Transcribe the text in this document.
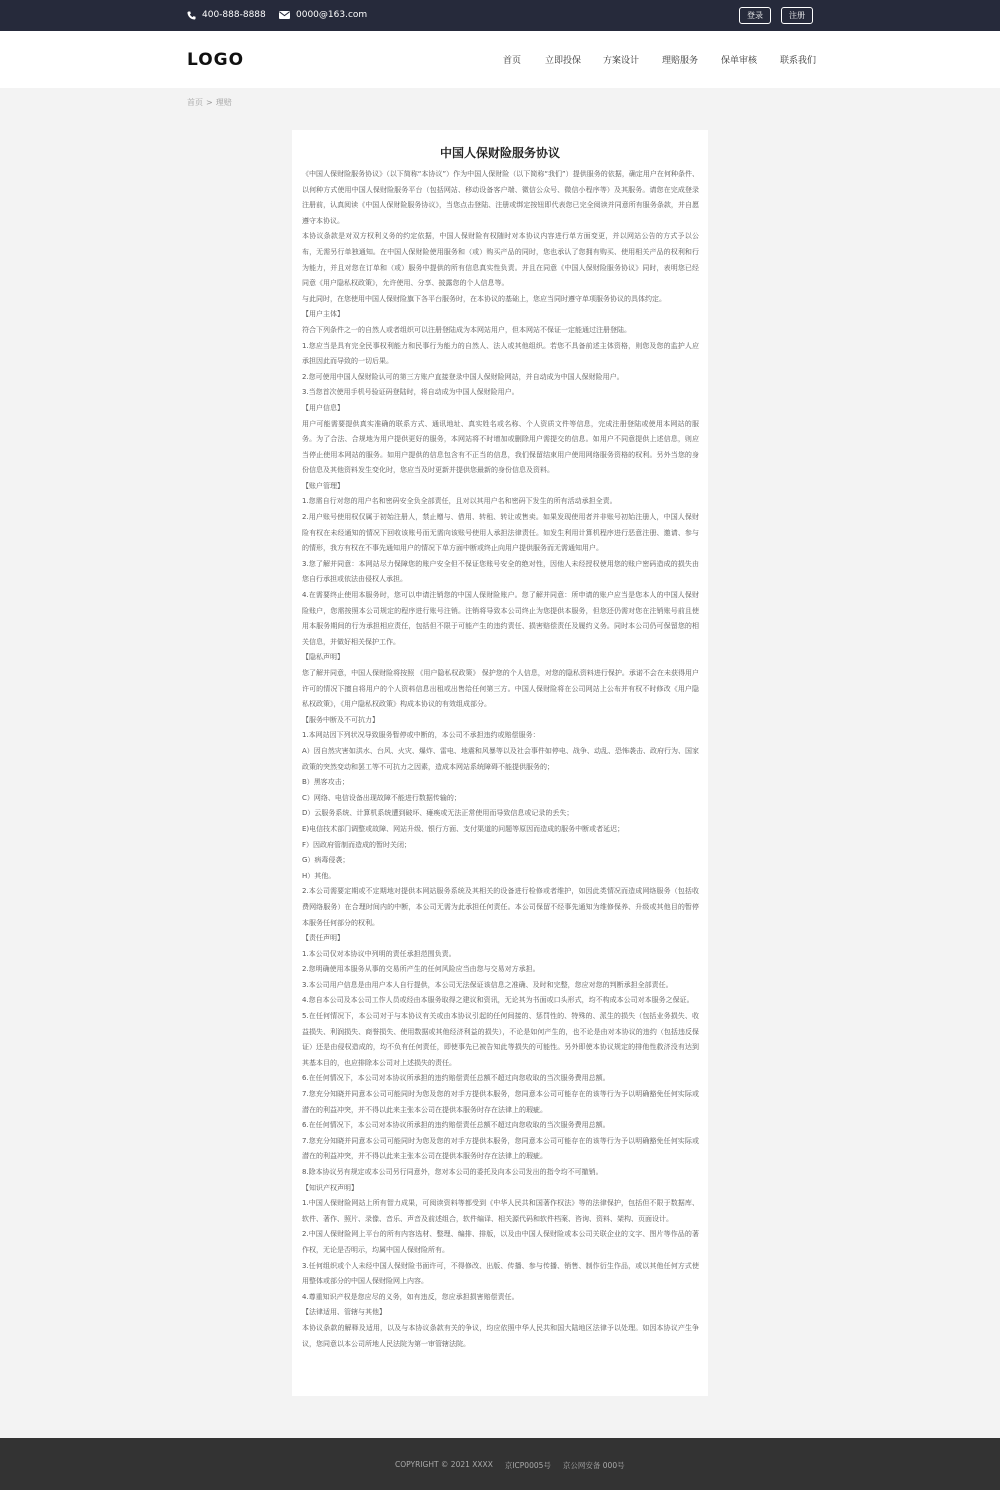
400-888-8888	0000@163.com	登录	注册
LOGO	首页	立即投保 方案设计	理赔服务	保单审核	联系我们
首页 > 理赔
中国人保财险服务协议

《中国人保财险服务协议》（以下简称“本协议”）作为中国人保财险（以下简称“我们”）提供服务的依据，确定用户在何种条件、以何种方式使用中国人保财险服务平台（包括网站、移动设备客户端、微信公众号、微信小程序等）及其服务。请您在完成登录注册前，认真阅读《中国人保财险服务协议》，当您点击登陆、注册或绑定按钮即代表您已完全阅读并同意所有服务条款，并自愿遵守本协议。

本协议条款是对双方权利义务的约定依据，中国人保财险有权随时对本协议内容进行单方面变更，并以网站公告的方式予以公布，无需另行单独通知。在中国人保财险使用服务和（或）购买产品的同时，您也承认了您拥有购买、使用相关产品的权利和行为能力，并且对您在订单和（或）服务中提供的所有信息真实性负责。并且在同意《中国人保财险服务协议》同时，表明您已经同意《用户隐私权政策》，允许使用、分享、披露您的个人信息等。

与此同时，在您使用中国人保财险旗下各平台服务时，在本协议的基础上，您应当同时遵守单项服务协议的具体约定。

【用户主体】

符合下列条件之一的自然人或者组织可以注册登陆成为本网站用户，但本网站不保证一定能通过注册登陆。

1.您应当是具有完全民事权利能力和民事行为能力的自然人、法人或其他组织。若您不具备前述主体资格，则您及您的监护人应承担因此而导致的一切后果。

2.您可使用中国人保财险认可的第三方账户直接登录中国人保财险网站，并自动成为中国人保财险用户。

3.当您首次使用手机号验证码登陆时，将自动成为中国人保财险用户。

【用户信息】

用户可能需要提供真实准确的联系方式、通讯地址、真实姓名或名称、个人资质文件等信息，完成注册登陆或使用本网站的服务。为了合法、合规地为用户提供更好的服务，本网站将不时增加或删除用户需提交的信息。如用户不同意提供上述信息，则应当停止使用本网站的服务。如用户提供的信息包含有不正当的信息，我们保留结束用户使用网络服务资格的权利。另外当您的身份信息及其他资料发生变化时，您应当及时更新并提供您最新的身份信息及资料。

【账户管理】

1.您需自行对您的用户名和密码安全负全部责任，且对以其用户名和密码下发生的所有活动承担全责。

2.用户账号使用权仅属于初始注册人，禁止赠与、借用、转租、转让或售卖。如果发现使用者并非账号初始注册人，中国人保财险有权在未经通知的情况下回收该账号而无需向该账号使用人承担法律责任。如发生利用计算机程序进行恶意注册、邀请、参与的情形，我方有权在不事先通知用户的情况下单方面中断或终止向用户提供服务而无需通知用户。

3.您了解并同意：本网站尽力保障您的账户安全但不保证您账号安全的绝对性，因他人未经授权使用您的账户密码造成的损失由您自行承担或依法由侵权人承担。

4.在需要终止使用本服务时，您可以申请注销您的中国人保财险账户。您了解并同意：所申请的账户应当是您本人的中国人保财险账户，您需按照本公司规定的程序进行账号注销。注销将导致本公司终止为您提供本服务，但您还仍需对您在注销账号前且使用本服务期间的行为承担相应责任，包括但不限于可能产生的违约责任、损害赔偿责任及履约义务。同时本公司仍可保留您的相关信息，并做好相关保护工作。

【隐私声明】

您了解并同意，中国人保财险将按照 《用户隐私权政策》 保护您的个人信息，对您的隐私资料进行保护。承诺不会在未获得用户许可的情况下擅自将用户的个人资料信息出租或出售给任何第三方。中国人保财险将在公司网站上公布并有权不时修改《用户隐私权政策》，《用户隐私权政策》构成本协议的有效组成部分。

【服务中断及不可抗力】

1.本网站因下列状况导致服务暂停或中断的，本公司不承担违约或赔偿服务：

A）因自然灾害如洪水、台风、火灾、爆炸、雷电、地震和风暴等以及社会事件如停电、战争、动乱、恐怖袭击、政府行为、国家政策的突然变动和罢工等不可抗力之因素，造成本网站系统障碍不能提供服务的；

B）黑客攻击；

C）网络、电信设备出现故障不能进行数据传输的；

D）云服务系统、计算机系统遭到破坏、瘫痪或无法正常使用而导致信息或记录的丢失；

E)电信技术部门调整或故障、网站升级、银行方面、支付渠道的问题等原因而造成的服务中断或者延迟；

F）因政府管制而造成的暂时关闭；

G）病毒侵袭；

H）其他。

2.本公司需要定期或不定期地对提供本网站服务系统及其相关的设备进行检修或者维护，如因此类情况而造成网络服务（包括收费网络服务）在合理时间内的中断，本公司无需为此承担任何责任。本公司保留不经事先通知为维修保养、升级或其他目的暂停本服务任何部分的权利。

【责任声明】

1.本公司仅对本协议中列明的责任承担范围负责。

2.您明确使用本服务从事的交易所产生的任何风险应当由您与交易对方承担。

3.本公司用户信息是由用户本人自行提供，本公司无法保证该信息之准确、及时和完整，您应对您的判断承担全部责任。

4.您自本公司及本公司工作人员或经由本服务取得之建议和资讯，无论其为书面或口头形式，均不构成本公司对本服务之保证。

5.在任何情况下，本公司对于与本协议有关或由本协议引起的任何间接的、惩罚性的、特殊的、派生的损失（包括业务损失、收益损失、利润损失、商誉损失、使用数据或其他经济利益的损失），不论是如何产生的，也不论是由对本协议的违约（包括违反保证）还是由侵权造成的，均不负有任何责任，即使事先已被告知此等损失的可能性。另外即使本协议规定的排他性救济没有达到其基本目的，也应排除本公司对上述损失的责任。

6.在任何情况下，本公司对本协议所承担的违约赔偿责任总额不超过向您收取的当次服务费用总额。

7.您充分知晓并同意本公司可能同时为您及您的对手方提供本服务，您同意本公司可能存在的该等行为予以明确豁免任何实际或潜在的利益冲突，并不得以此来主张本公司在提供本服务时存在法律上的瑕疵。

6.在任何情况下，本公司对本协议所承担的违约赔偿责任总额不超过向您收取的当次服务费用总额。

7.您充分知晓并同意本公司可能同时为您及您的对手方提供本服务，您同意本公司可能存在的该等行为予以明确豁免任何实际或潜在的利益冲突，并不得以此来主张本公司在提供本服务时存在法律上的瑕疵。

8.除本协议另有规定或本公司另行同意外，您对本公司的委托及向本公司发出的指令均不可撤销。

【知识产权声明】

1.中国人保财险网站上所有智力成果，可阅读资料等都受到《中华人民共和国著作权法》等的法律保护，包括但不限于数据库、软件、著作、照片、录像、音乐、声音及前述组合，软件编译、相关源代码和软件档案、咨询、资料、架构、页面设计。

2.中国人保财险网上平台的所有内容选材、整理、编排、排版，以及由中国人保财险或本公司关联企业的文字、图片等作品的著作权，无论是否明示，均属中国人保财险所有。

3.任何组织或个人未经中国人保财险书面许可，不得修改、出版、传播、参与传播、销售、制作衍生作品，或以其他任何方式使用整体或部分的中国人保财险网上内容。

4.尊重知识产权是您应尽的义务，如有违反，您应承担损害赔偿责任。

【法律适用、管辖与其他】

本协议条款的解释及适用，以及与本协议条款有关的争议，均应依照中华人民共和国大陆地区法律予以处理。如因本协议产生争议，您同意以本公司所地人民法院为第一审管辖法院。

COPYRIGHT © 2021 XXXX 京ICP0005号 京公网安备 000号
